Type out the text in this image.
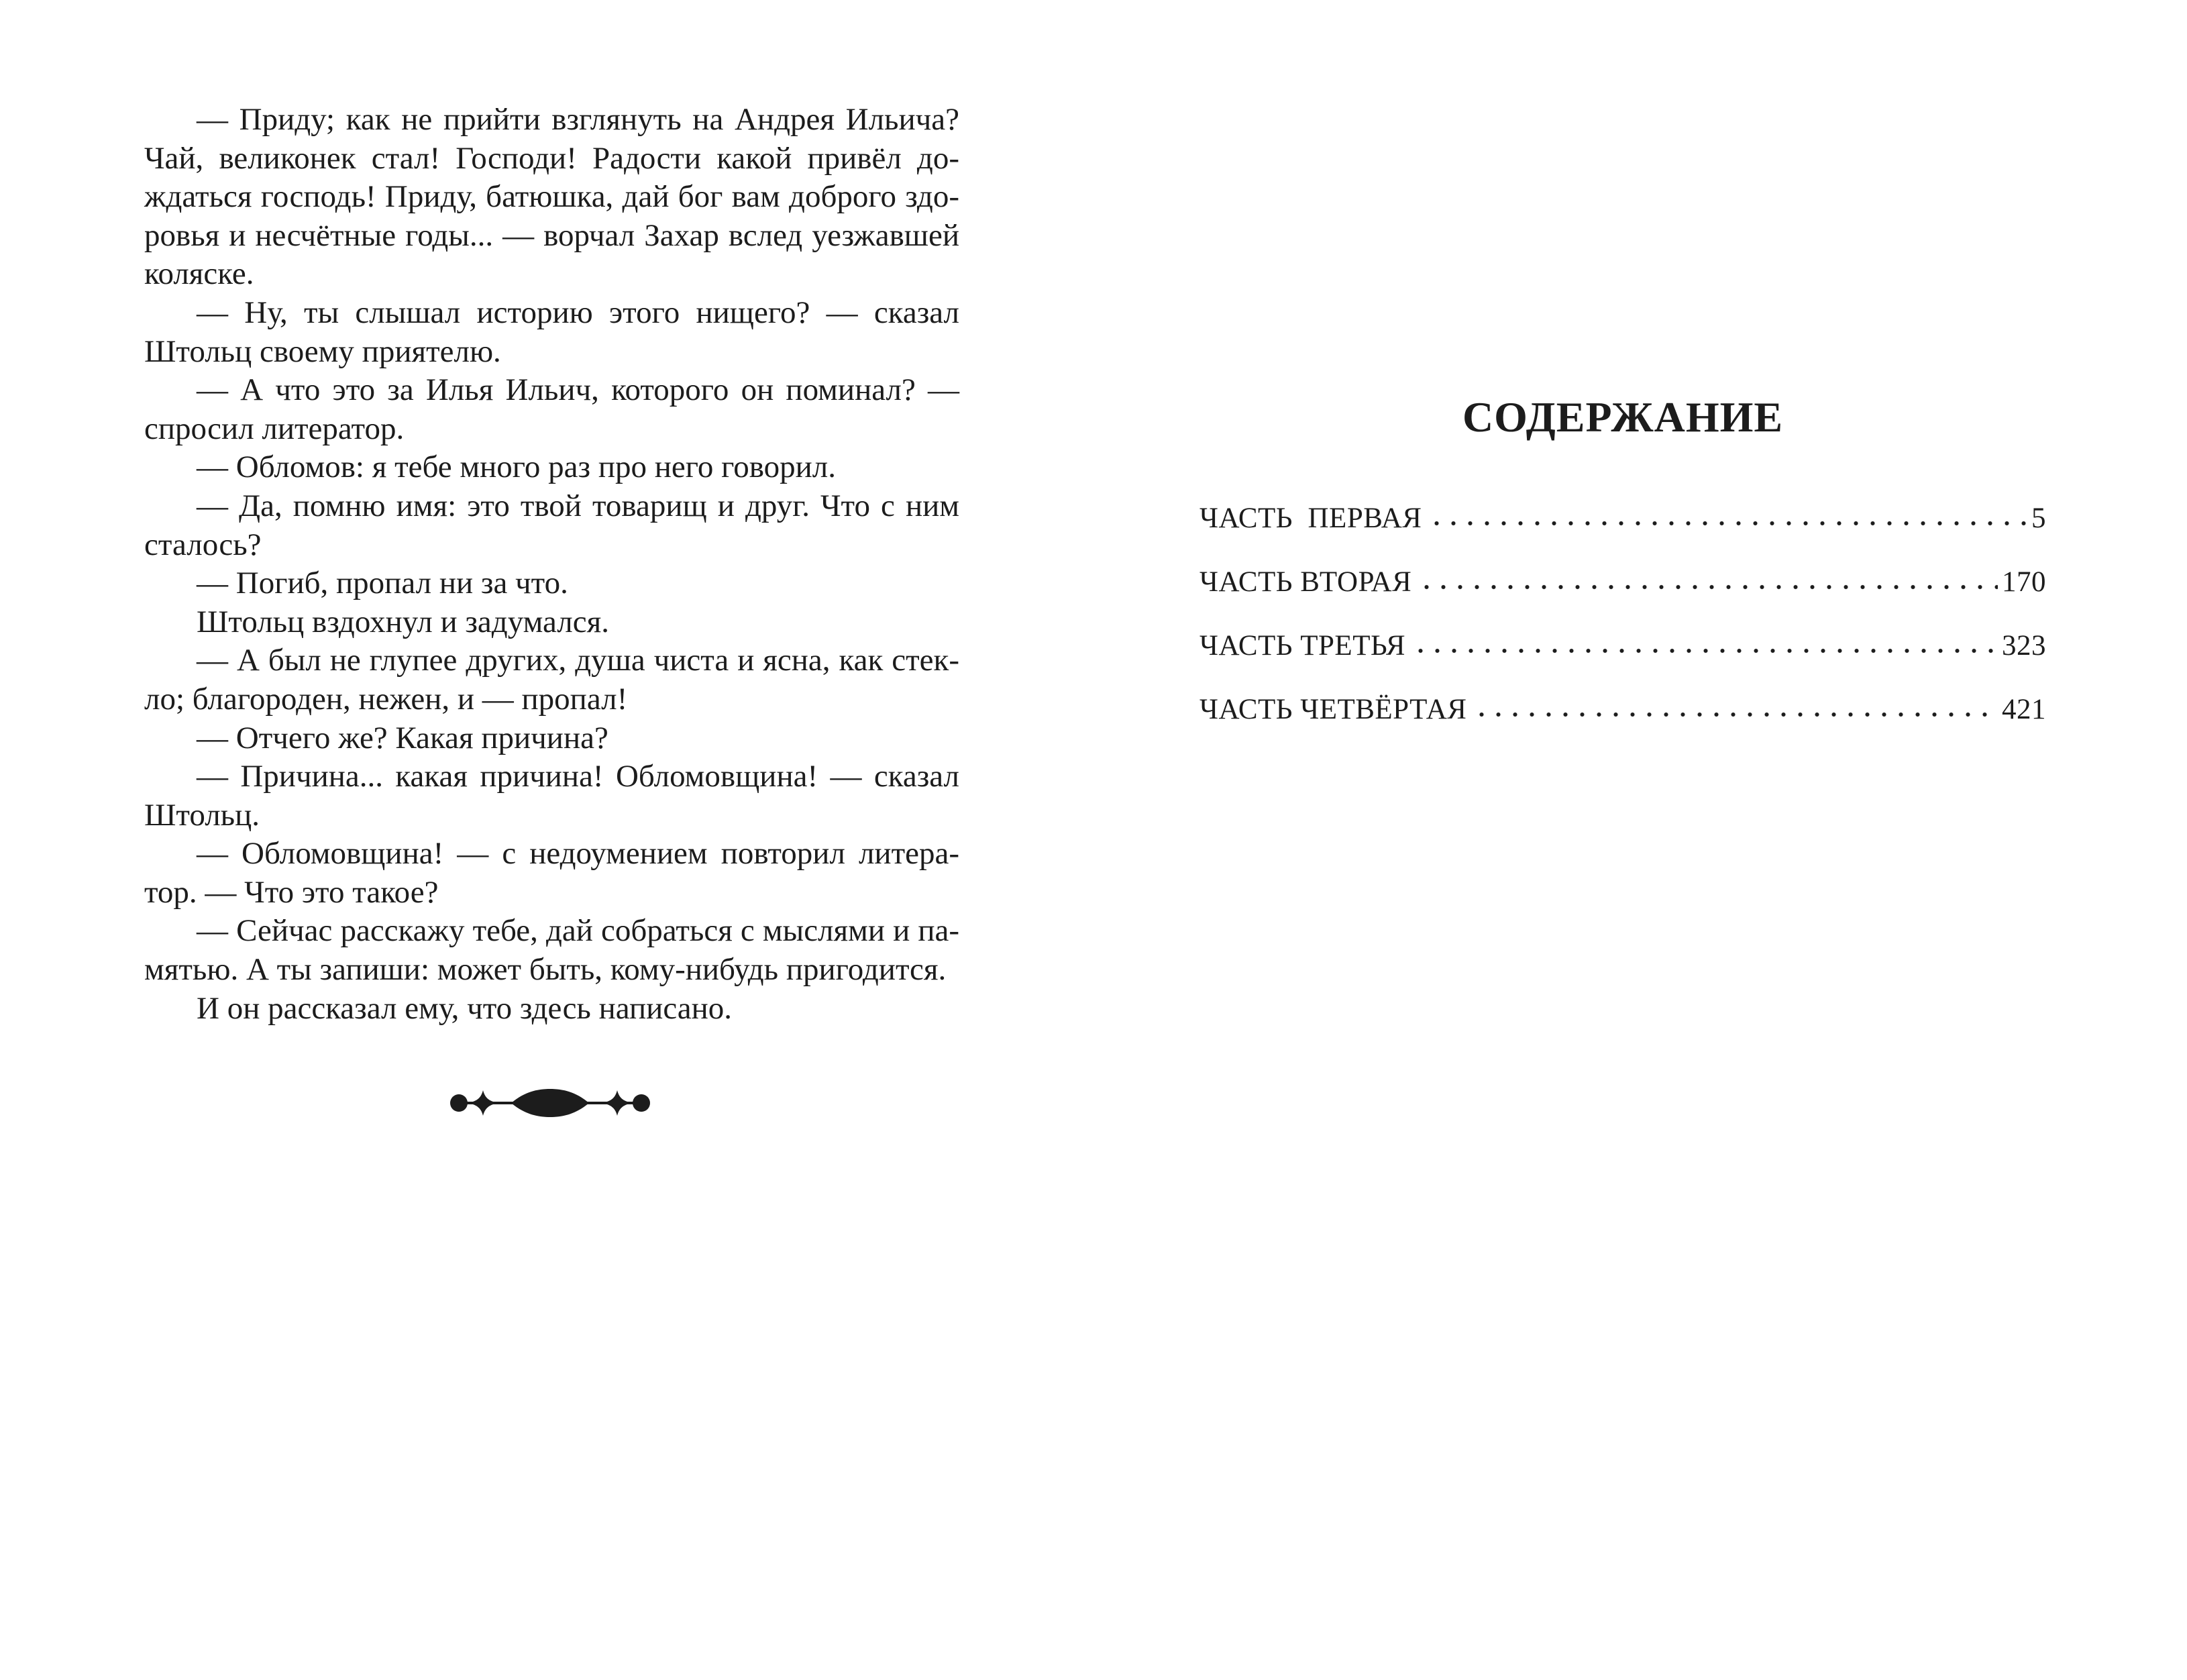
— Приду; как не прийти взглянуть на Андрея Ильича?
Чай, великонек стал! Господи! Радости какой привёл до-
ждаться господь! Приду, батюшка, дай бог вам доброго здо-
ровья и несчётные годы... — ворчал Захар вслед уезжавшей
коляске.
— Ну, ты слышал историю этого нищего? — сказал
Штольц своему приятелю.
— А что это за Илья Ильич, которого он поминал? —
спросил литератор.
— Обломов: я тебе много раз про него говорил.
— Да, помню имя: это твой товарищ и друг. Что с ним
сталось?
— Погиб, пропал ни за что.
Штольц вздохнул и задумался.
— А был не глупее других, душа чиста и ясна, как стек-
ло; благороден, нежен, и — пропал!
— Отчего же? Какая причина?
— Причина... какая причина! Обломовщина! — сказал
Штольц.
— Обломовщина! — с недоумением повторил литера-
тор. — Что это такое?
— Сейчас расскажу тебе, дай собраться с мыслями и па-
мятью. А ты запиши: может быть, кому-нибудь пригодится.
И он рассказал ему, что здесь написано.
СОДЕРЖАНИЕ
ЧАСТЬ  ПЕРВАЯ	5
ЧАСТЬ ВТОРАЯ	170
ЧАСТЬ ТРЕТЬЯ	323
ЧАСТЬ ЧЕТВЁРТАЯ	421
